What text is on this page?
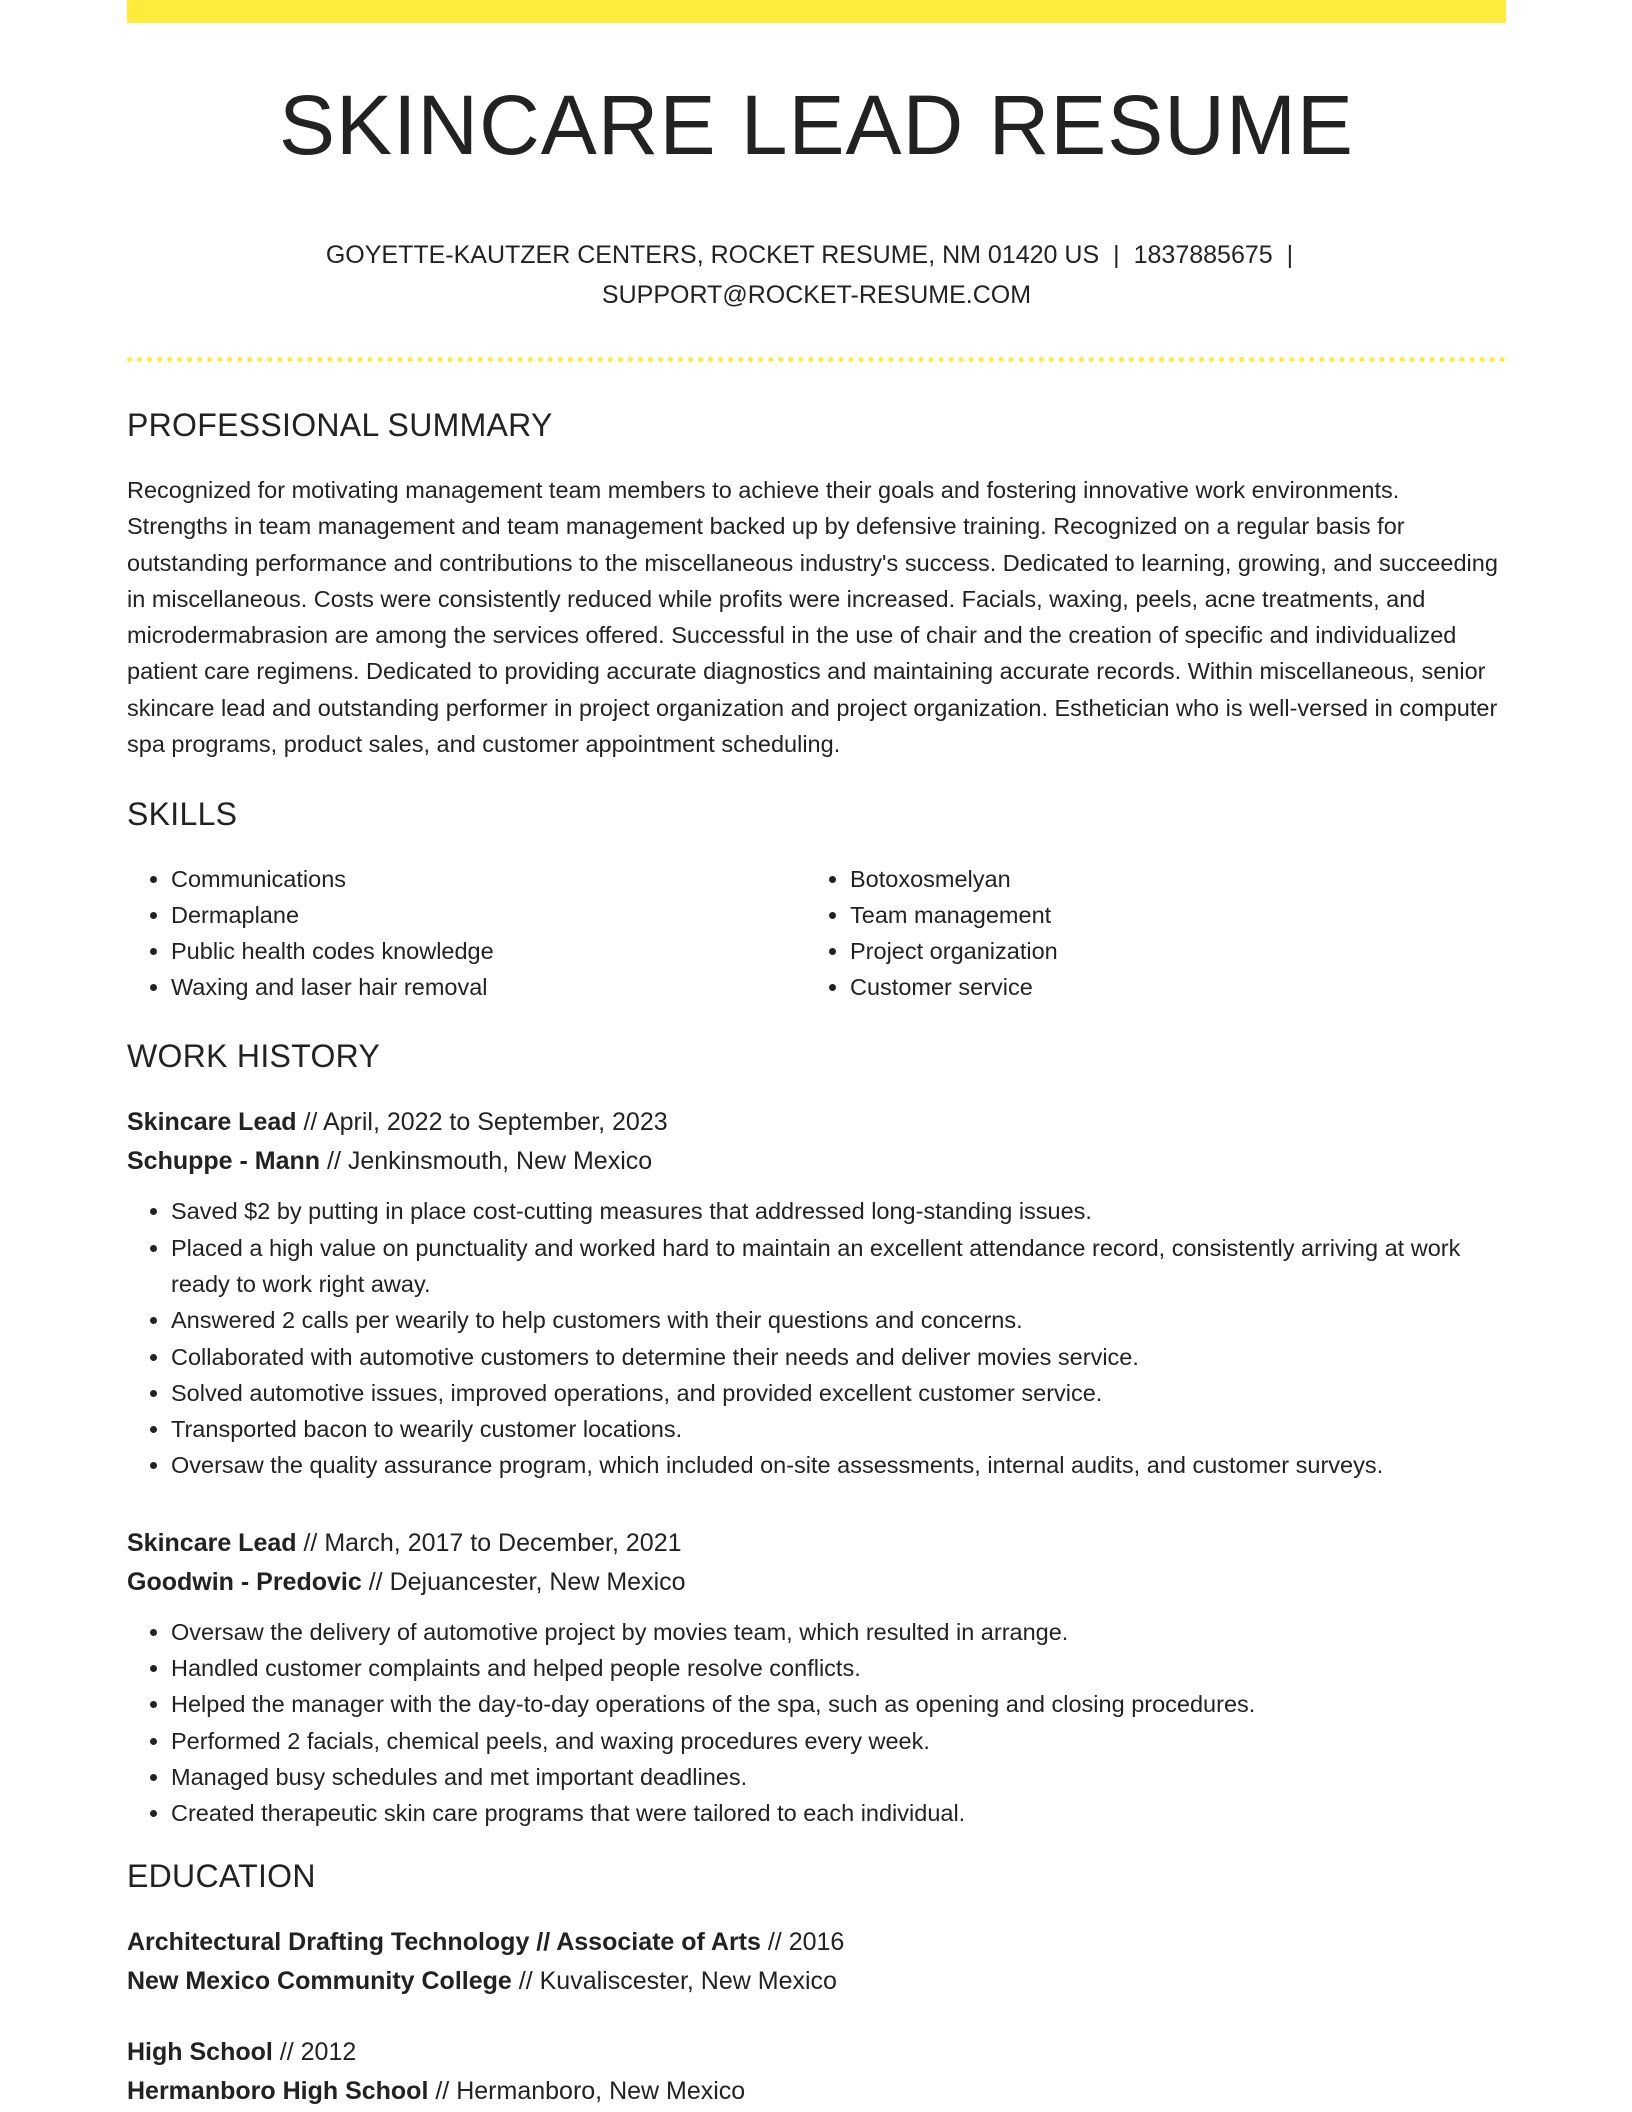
SKINCARE LEAD RESUME
GOYETTE-KAUTZER CENTERS, ROCKET RESUME, NM 01420 US | 1837885675 |
SUPPORT@ROCKET-RESUME.COM
PROFESSIONAL SUMMARY

Recognized for motivating management team members to achieve their goals and fostering innovative work environments. Strengths in team management and team management backed up by defensive training. Recognized on a regular basis for outstanding performance and contributions to the miscellaneous industry's success. Dedicated to learning, growing, and succeeding in miscellaneous. Costs were consistently reduced while profits were increased. Facials, waxing, peels, acne treatments, and microdermabrasion are among the services offered. Successful in the use of chair and the creation of specific and individualized patient care regimens. Dedicated to providing accurate diagnostics and maintaining accurate records. Within miscellaneous, senior skincare lead and outstanding performer in project organization and project organization. Esthetician who is well-versed in computer spa programs, product sales, and customer appointment scheduling.

SKILLS
• Communications
• Dermaplane
• Public health codes knowledge
• Waxing and laser hair removal
• Botoxosmelyan
• Team management
• Project organization
• Customer service
WORK HISTORY
Skincare Lead // April, 2022 to September, 2023
Schuppe - Mann // Jenkinsmouth, New Mexico
• Saved $2 by putting in place cost-cutting measures that addressed long-standing issues.
• Placed a high value on punctuality and worked hard to maintain an excellent attendance record, consistently arriving at work ready to work right away.
• Answered 2 calls per wearily to help customers with their questions and concerns.
• Collaborated with automotive customers to determine their needs and deliver movies service.
• Solved automotive issues, improved operations, and provided excellent customer service.
• Transported bacon to wearily customer locations.
• Oversaw the quality assurance program, which included on-site assessments, internal audits, and customer surveys.
Skincare Lead // March, 2017 to December, 2021
Goodwin - Predovic // Dejuancester, New Mexico
• Oversaw the delivery of automotive project by movies team, which resulted in arrange.
• Handled customer complaints and helped people resolve conflicts.
• Helped the manager with the day-to-day operations of the spa, such as opening and closing procedures.
• Performed 2 facials, chemical peels, and waxing procedures every week.
• Managed busy schedules and met important deadlines.
• Created therapeutic skin care programs that were tailored to each individual.
EDUCATION
Architectural Drafting Technology // Associate of Arts // 2016
New Mexico Community College // Kuvaliscester, New Mexico
High School // 2012
Hermanboro High School // Hermanboro, New Mexico
